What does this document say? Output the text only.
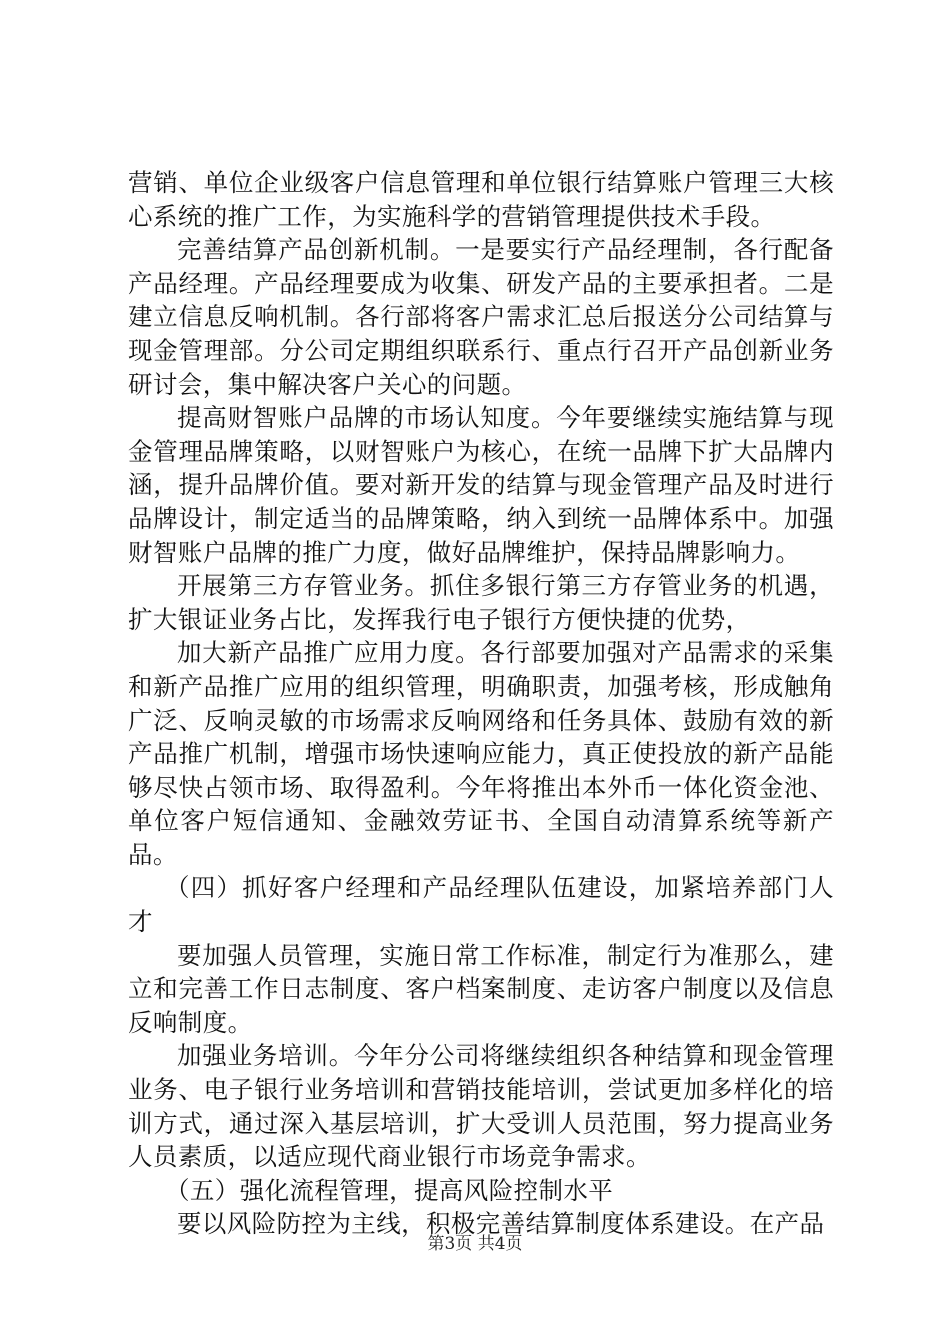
营销、单位企业级客户信息管理和单位银行结算账户管理三大核心系统的推广工作，为实施科学的营销管理提供技术手段。

完善结算产品创新机制。一是要实行产品经理制，各行配备产品经理。产品经理要成为收集、研发产品的主要承担者。二是建立信息反响机制。各行部将客户需求汇总后报送分公司结算与现金管理部。分公司定期组织联系行、重点行召开产品创新业务研讨会，集中解决客户关心的问题。

提高财智账户品牌的市场认知度。今年要继续实施结算与现金管理品牌策略，以财智账户为核心，在统一品牌下扩大品牌内涵，提升品牌价值。要对新开发的结算与现金管理产品及时进行品牌设计，制定适当的品牌策略，纳入到统一品牌体系中。加强财智账户品牌的推广力度，做好品牌维护，保持品牌影响力。

开展第三方存管业务。抓住多银行第三方存管业务的机遇，扩大银证业务占比，发挥我行电子银行方便快捷的优势，

加大新产品推广应用力度。各行部要加强对产品需求的采集和新产品推广应用的组织管理，明确职责，加强考核，形成触角广泛、反响灵敏的市场需求反响网络和任务具体、鼓励有效的新产品推广机制，增强市场快速响应能力，真正使投放的新产品能够尽快占领市场、取得盈利。今年将推出本外币一体化资金池、单位客户短信通知、金融效劳证书、全国自动清算系统等新产品。

（四）抓好客户经理和产品经理队伍建设，加紧培养部门人才

要加强人员管理，实施日常工作标准，制定行为准那么，建立和完善工作日志制度、客户档案制度、走访客户制度以及信息反响制度。

加强业务培训。今年分公司将继续组织各种结算和现金管理业务、电子银行业务培训和营销技能培训，尝试更加多样化的培训方式，通过深入基层培训，扩大受训人员范围，努力提高业务人员素质，以适应现代商业银行市场竞争需求。

（五）强化流程管理，提高风险控制水平

要以风险防控为主线，积极完善结算制度体系建设。在产品

第3页 共4页
